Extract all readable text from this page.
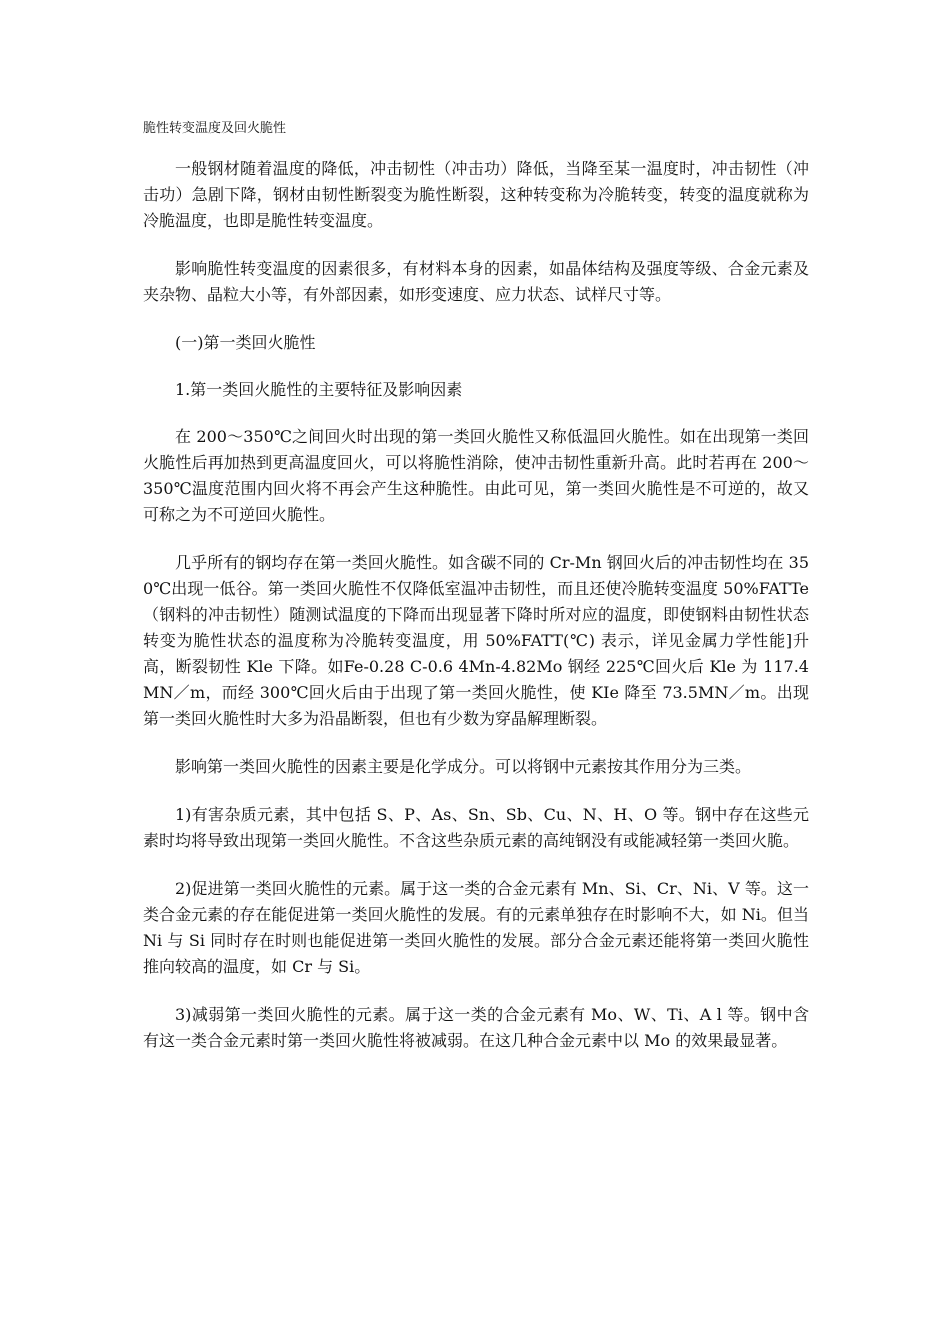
脆性转变温度及回火脆性

一般钢材随着温度的降低，冲击韧性（冲击功）降低，当降至某一温度时，冲击韧性（冲击功）急剧下降，钢材由韧性断裂变为脆性断裂，这种转变称为冷脆转变，转变的温度就称为冷脆温度，也即是脆性转变温度。

影响脆性转变温度的因素很多，有材料本身的因素，如晶体结构及强度等级、合金元素及夹杂物、晶粒大小等，有外部因素，如形变速度、应力状态、试样尺寸等。

(一)第一类回火脆性

1.第一类回火脆性的主要特征及影响因素

在 200～350℃之间回火时出现的第一类回火脆性又称低温回火脆性。如在出现第一类回火脆性后再加热到更高温度回火，可以将脆性消除，使冲击韧性重新升高。此时若再在 200～350℃温度范围内回火将不再会产生这种脆性。由此可见，第一类回火脆性是不可逆的，故又可称之为不可逆回火脆性。

几乎所有的钢均存在第一类回火脆性。如含碳不同的 Cr-Mn 钢回火后的冲击韧性均在 350℃出现一低谷。第一类回火脆性不仅降低室温冲击韧性，而且还使冷脆转变温度 50%FATTe（钢料的冲击韧性）随测试温度的下降而出现显著下降时所对应的温度，即使钢料由韧性状态转变为脆性状态的温度称为冷脆转变温度，用 50%FATT(℃) 表示，详见金属力学性能]升高，断裂韧性 Kle 下降。如Fe-0.28 C-0.6 4Mn-4.82Mo 钢经 225℃回火后 Kle 为 117.4MN／m，而经 300℃回火后由于出现了第一类回火脆性，使 KIe 降至 73.5MN／m。出现第一类回火脆性时大多为沿晶断裂，但也有少数为穿晶解理断裂。

影响第一类回火脆性的因素主要是化学成分。可以将钢中元素按其作用分为三类。

1)有害杂质元素，其中包括 S、P、As、Sn、Sb、Cu、N、H、O 等。钢中存在这些元素时均将导致出现第一类回火脆性。不含这些杂质元素的高纯钢没有或能减轻第一类回火脆。

2)促进第一类回火脆性的元素。属于这一类的合金元素有 Mn、Si、Cr、Ni、V 等。这一类合金元素的存在能促进第一类回火脆性的发展。有的元素单独存在时影响不大，如 Ni。但当 Ni 与 Si 同时存在时则也能促进第一类回火脆性的发展。部分合金元素还能将第一类回火脆性推向较高的温度，如 Cr 与 Si。

3)减弱第一类回火脆性的元素。属于这一类的合金元素有 Mo、W、Ti、A l 等。钢中含有这一类合金元素时第一类回火脆性将被减弱。在这几种合金元素中以 Mo 的效果最显著。
